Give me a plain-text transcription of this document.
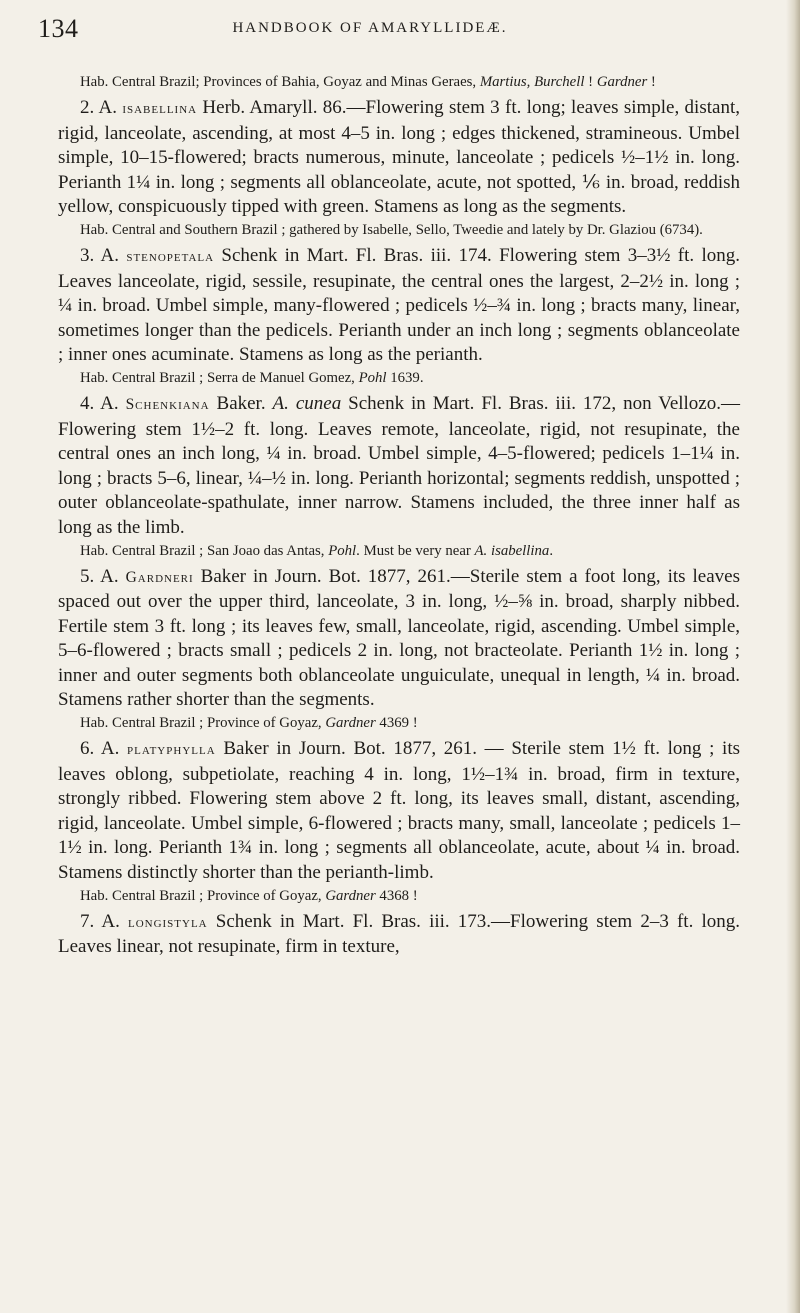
134	HANDBOOK OF AMARYLLIDEÆ.

Hab. Central Brazil; Provinces of Bahia, Goyaz and Minas Geraes, Martius, Burchell ! Gardner !

2. A. isabellina Herb. Amaryll. 86.—Flowering stem 3 ft. long; leaves simple, distant, rigid, lanceolate, ascending, at most 4–5 in. long ; edges thickened, stramineous. Umbel simple, 10–15-flowered; bracts numerous, minute, lanceolate ; pedicels ½–1½ in. long. Perianth 1¼ in. long ; segments all oblanceolate, acute, not spotted, ⅙ in. broad, reddish yellow, conspicuously tipped with green. Stamens as long as the segments.

Hab. Central and Southern Brazil ; gathered by Isabelle, Sello, Tweedie and lately by Dr. Glaziou (6734).

3. A. stenopetala Schenk in Mart. Fl. Bras. iii. 174. Flowering stem 3–3½ ft. long. Leaves lanceolate, rigid, sessile, resupinate, the central ones the largest, 2–2½ in. long ; ¼ in. broad. Umbel simple, many-flowered ; pedicels ½–¾ in. long ; bracts many, linear, sometimes longer than the pedicels. Perianth under an inch long ; segments oblanceolate ; inner ones acuminate. Stamens as long as the perianth.

Hab. Central Brazil ; Serra de Manuel Gomez, Pohl 1639.

4. A. Schenkiana Baker. A. cunea Schenk in Mart. Fl. Bras. iii. 172, non Vellozo.—Flowering stem 1½–2 ft. long. Leaves remote, lanceolate, rigid, not resupinate, the central ones an inch long, ¼ in. broad. Umbel simple, 4–5-flowered; pedicels 1–1¼ in. long ; bracts 5–6, linear, ¼–½ in. long. Perianth horizontal; segments reddish, unspotted ; outer oblanceolate-spathulate, inner narrow. Stamens included, the three inner half as long as the limb.

Hab. Central Brazil ; San Joao das Antas, Pohl. Must be very near A. isabellina.

5. A. Gardneri Baker in Journ. Bot. 1877, 261.—Sterile stem a foot long, its leaves spaced out over the upper third, lanceolate, 3 in. long, ½–⅝ in. broad, sharply nibbed. Fertile stem 3 ft. long ; its leaves few, small, lanceolate, rigid, ascending. Umbel simple, 5–6-flowered ; bracts small ; pedicels 2 in. long, not bracteolate. Perianth 1½ in. long ; inner and outer segments both oblanceolate unguiculate, unequal in length, ¼ in. broad. Stamens rather shorter than the segments.

Hab. Central Brazil ; Province of Goyaz, Gardner 4369 !

6. A. platyphylla Baker in Journ. Bot. 1877, 261. — Sterile stem 1½ ft. long ; its leaves oblong, subpetiolate, reaching 4 in. long, 1½–1¾ in. broad, firm in texture, strongly ribbed. Flowering stem above 2 ft. long, its leaves small, distant, ascending, rigid, lanceolate. Umbel simple, 6-flowered ; bracts many, small, lanceolate ; pedicels 1–1½ in. long. Perianth 1¾ in. long ; segments all oblanceolate, acute, about ¼ in. broad. Stamens distinctly shorter than the perianth-limb.

Hab. Central Brazil ; Province of Goyaz, Gardner 4368 !

7. A. longistyla Schenk in Mart. Fl. Bras. iii. 173.—Flowering stem 2–3 ft. long. Leaves linear, not resupinate, firm in texture,
